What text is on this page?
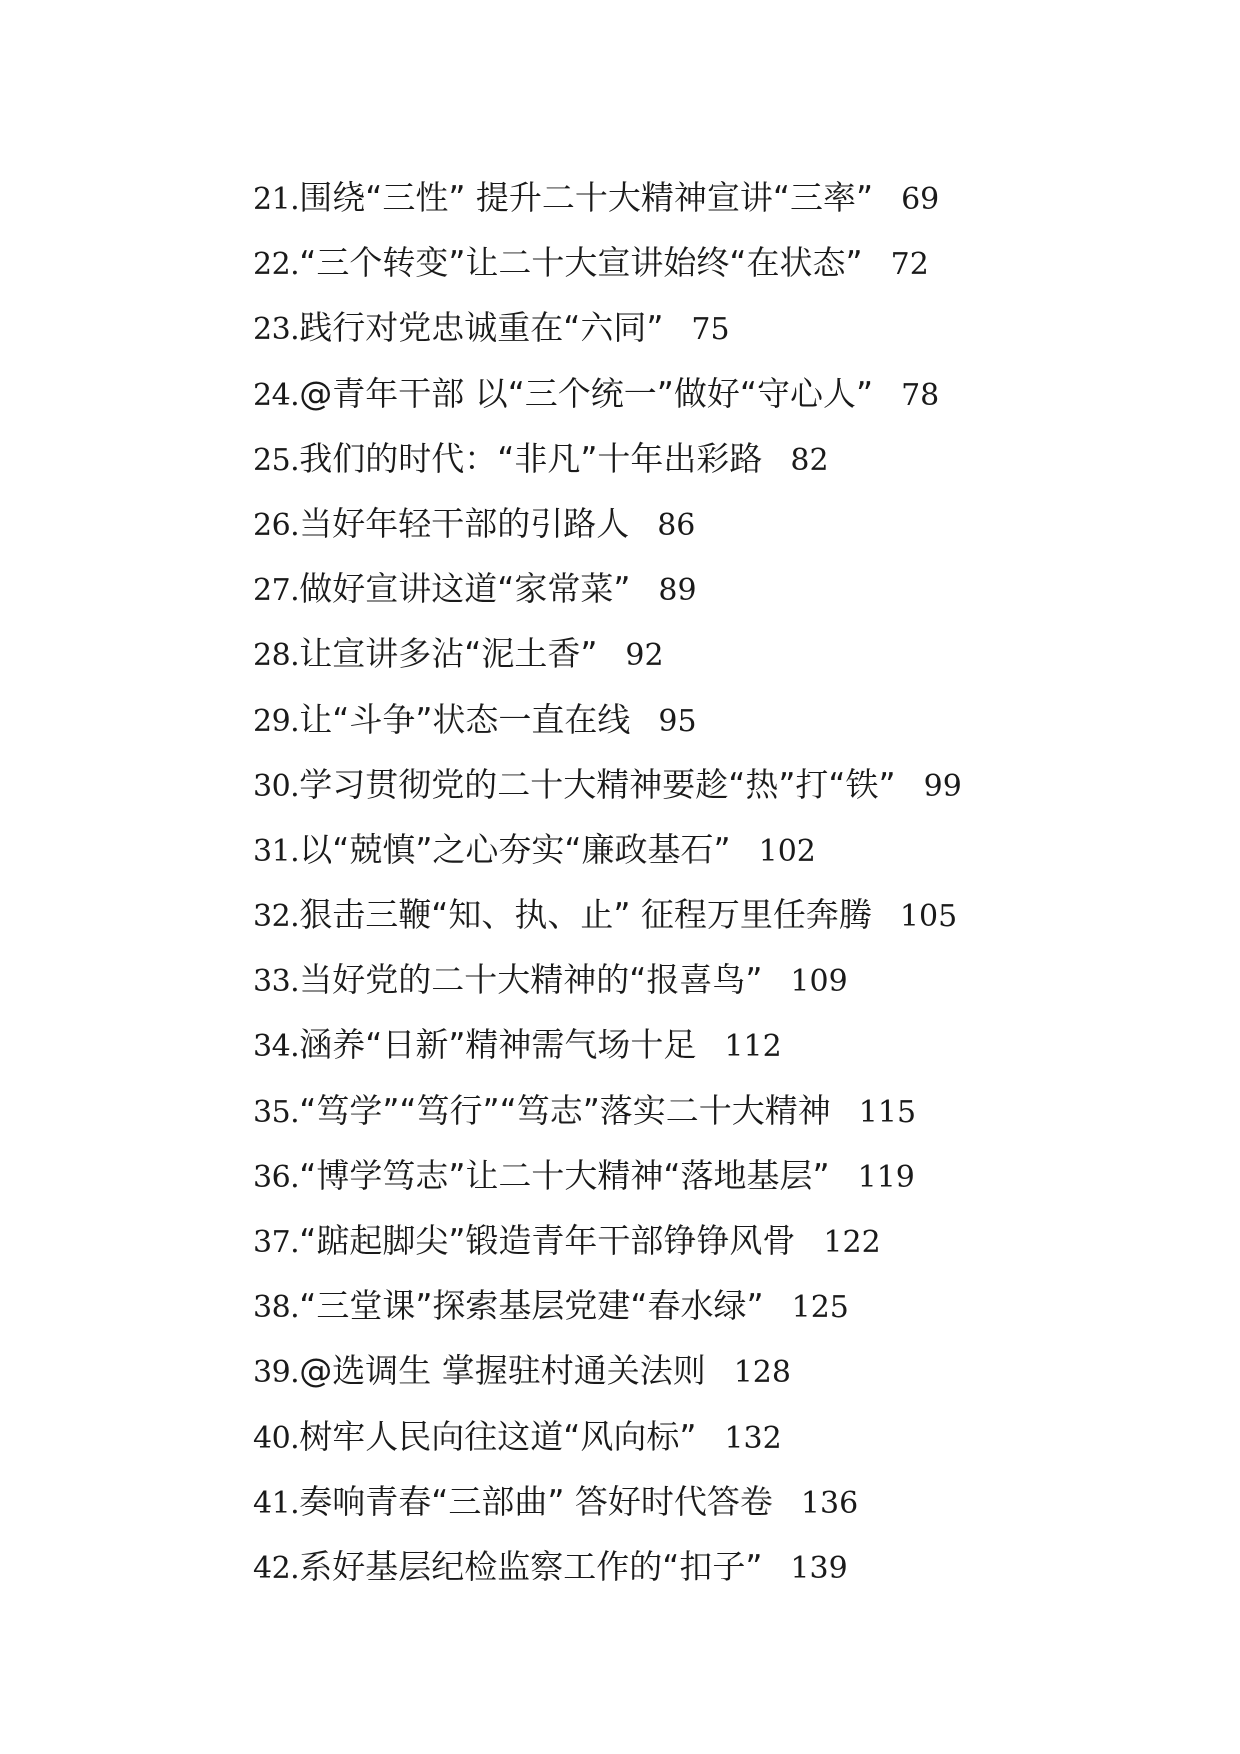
21.围绕“三性” 提升二十大精神宣讲“三率” 69
22.“三个转变”让二十大宣讲始终“在状态” 72
23.践行对党忠诚重在“六同” 75
24.@青年干部 以“三个统一”做好“守心人” 78
25.我们的时代：“非凡”十年出彩路 82
26.当好年轻干部的引路人 86
27.做好宣讲这道“家常菜” 89
28.让宣讲多沾“泥土香” 92
29.让“斗争”状态一直在线 95
30.学习贯彻党的二十大精神要趁“热”打“铁” 99
31.以“兢慎”之心夯实“廉政基石” 102
32.狠击三鞭“知、执、止” 征程万里任奔腾 105
33.当好党的二十大精神的“报喜鸟” 109
34.涵养“日新”精神需气场十足 112
35.“笃学”“笃行”“笃志”落实二十大精神 115
36.“博学笃志”让二十大精神“落地基层” 119
37.“踮起脚尖”锻造青年干部铮铮风骨 122
38.“三堂课”探索基层党建“春水绿” 125
39.@选调生 掌握驻村通关法则 128
40.树牢人民向往这道“风向标” 132
41.奏响青春“三部曲” 答好时代答卷 136
42.系好基层纪检监察工作的“扣子” 139
